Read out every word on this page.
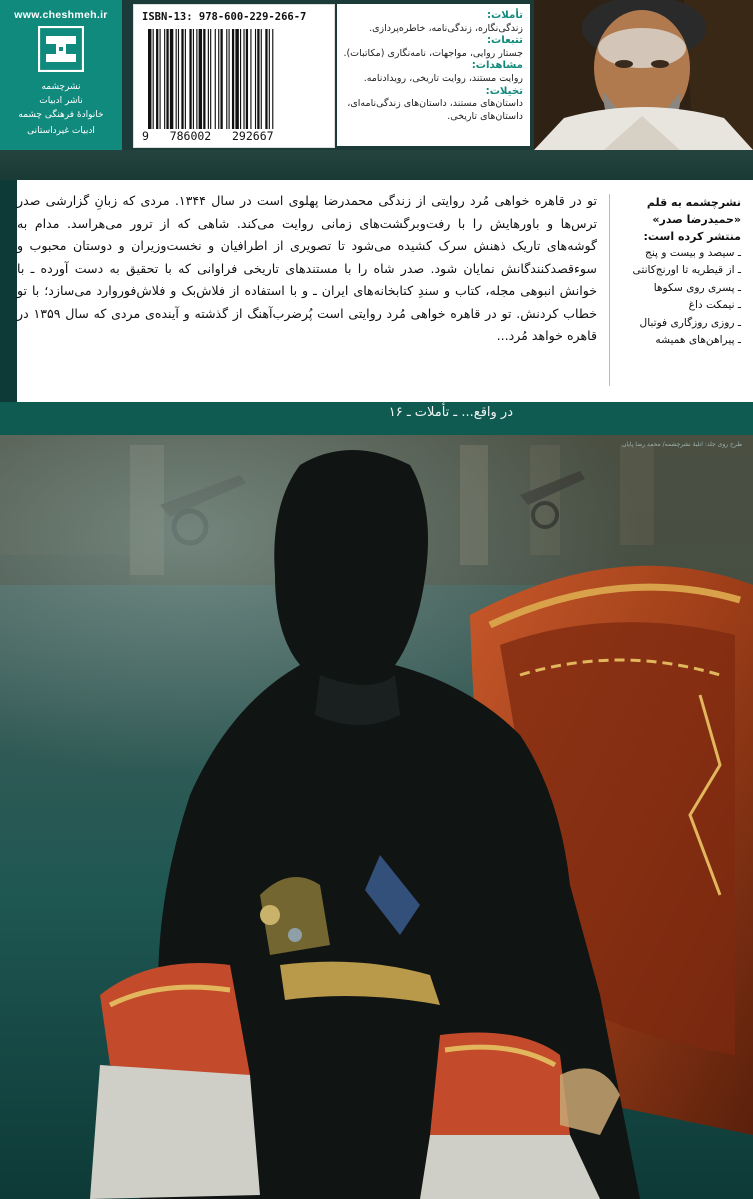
www.cheshmeh.ir
نشرچشمه
ناشر ادبیات
خانوادهٔ فرهنگی چشمه
ادبیات غیرداستانی
ISBN-13: 978-600-229-266-7
9   786002   292667
تأملات:
زندگی‌نگاره، زندگی‌نامه، خاطره‌پردازی.
تتبعات:
جستار روایی، مواجهات، نامه‌نگاری (مکاتبات).
مشاهدات:
روایت مستند، روایت تاریخی، رویدادنامه.
تخیلات:
داستان‌های مستند، داستان‌های زندگی‌نامه‌ای، داستان‌های تاریخی.
تو در قاهره خواهی مُرد روایتی از زندگی محمدرضا پهلوی است در سال ۱۳۴۴. مردی که زبانِ گزارشی صدر ترس‌ها و باورهایش را با رفت‌وبرگشت‌های زمانی روایت می‌کند. شاهی که از ترور می‌هراسد. مدام به گوشه‌های تاریک ذهنش سرک کشیده می‌شود تا تصویری از اطرافیان و نخست‌وزیران و دوستان محبوب و سوءقصدکنندگانش نمایان شود. صدر شاه را با مستندهای تاریخی فراوانی که با تحقیق به دست آورده ـ با خوانش انبوهی مجله، کتاب و سندِ کتابخانه‌های ایران ـ و با استفاده از فلاش‌بک و فلاش‌فوروارد می‌سازد؛ با تو خطاب کردنش. تو در قاهره خواهی مُرد روایتی است پُرضرب‌آهنگ از گذشته و آینده‌ی مردی که سال ۱۳۵۹ در قاهره خواهد مُرد...
نشرچشمه به قلم
«حمیدرضا صدر»
منتشر کرده است:
ـ سیصد و بیست و پنج
ـ از قیطریه تا اورنج‌کانتی
ـ پسری روی سکوها
ـ نیمکت داغ
ـ روزی روزگاری فوتبال
ـ پیراهن‌های همیشه
در واقع... ـ تأملات ـ ۱۶
طرح روی جلد: آتلیهٔ نشرچشمه/ محمد رضا پایان
